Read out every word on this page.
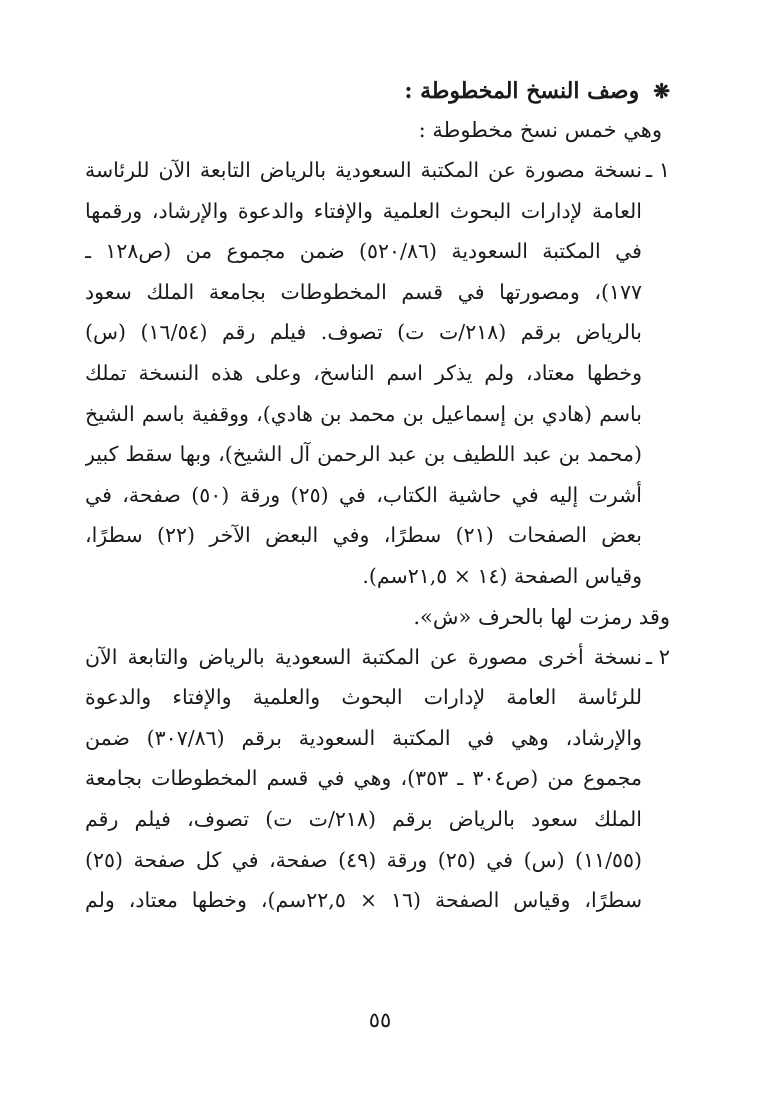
❋وصف النسخ المخطوطة :
وهي خمس نسخ مخطوطة :
١ ـ
نسخة مصورة عن المكتبة السعودية بالرياض التابعة الآن للرئاسة
العامة لإدارات البحوث العلمية والإفتاء والدعوة والإرشاد، ورقمها
في المكتبة السعودية (٥٢٠/٨٦) ضمن مجموع من (ص١٢٨ ـ
١٧٧)، ومصورتها في قسم المخطوطات بجامعة الملك سعود
بالرياض برقم (٢١٨/ت ت) تصوف. فيلم رقم (١٦/٥٤) (س)
وخطها معتاد، ولم يذكر اسم الناسخ، وعلى هذه النسخة تملك
باسم (هادي بن إسماعيل بن محمد بن هادي)، ووقفية باسم الشيخ
(محمد بن عبد اللطيف بن عبد الرحمن آل الشيخ)، وبها سقط كبير
أشرت إليه في حاشية الكتاب، في (٢٥) ورقة (٥٠) صفحة، في
بعض الصفحات (٢١) سطرًا، وفي البعض الآخر (٢٢) سطرًا،
وقياس الصفحة (١٤ × ٢١,٥سم).
وقد رمزت لها بالحرف «ش».
٢ ـ
نسخة أخرى مصورة عن المكتبة السعودية بالرياض والتابعة الآن
للرئاسة العامة لإدارات البحوث والعلمية والإفتاء والدعوة
والإرشاد، وهي في المكتبة السعودية برقم (٣٠٧/٨٦) ضمن
مجموع من (ص٣٠٤ ـ ٣٥٣)، وهي في قسم المخطوطات بجامعة
الملك سعود بالرياض برقم (٢١٨/ت ت) تصوف، فيلم رقم
(١١/٥٥) (س) في (٢٥) ورقة (٤٩) صفحة، في كل صفحة (٢٥)
سطرًا، وقياس الصفحة (١٦ × ٢٢,٥سم)، وخطها معتاد، ولم
٥٥
